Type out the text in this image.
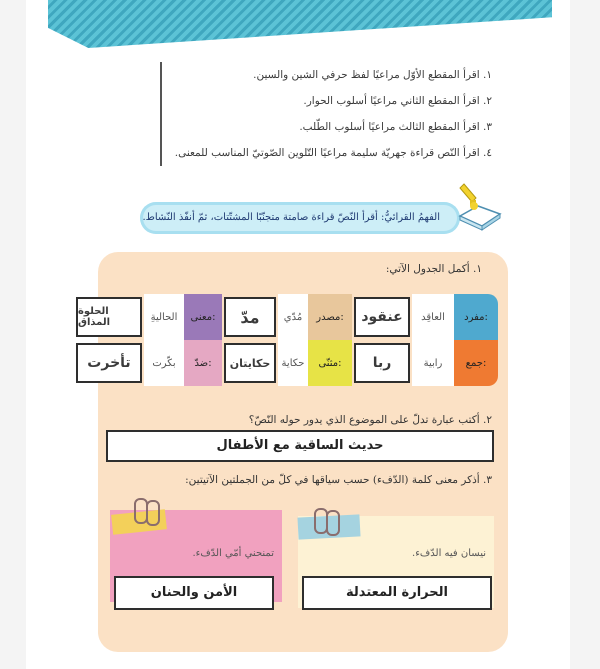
١. اقرأ المقطع الأوّل مراعيًا لفظ حرفي الشين والسين.
٢. اقرأ المقطع الثاني مراعيًا أسلوب الحوار.
٣. اقرأ المقطع الثالث مراعيًا أسلوب الطّلب.
٤. اقرأ النّص قراءة جهريّة سليمة مراعيًا التّلوين الصّوتيّ المناسب للمعنى.
الفهمُ القرائيُّ: أقرأ النّصّ قراءة صامتة متجنّبًا المشتّتات، ثمّ أنفّذ النّشاط.
١. أكمل الجدول الآتي:
مفرد:
العاقِد
عنقود
مصدر:
مُدّي
مدّ
معنى:
الحاليةِ
الحلوة المذاق
جمع:
رابية
ربا
مثنّى:
حكاية
حكايتان
ضدّ:
بكّرت
تأخرت
٢. أكتب عبارة تدلّ على الموضوع الذي يدور حوله النّصّ؟
حديث الساقية مع الأطفال
٣. أذكر معنى كلمة (الدّفء) حسب سياقها في كلّ من الجملتين الآتيتين:
تمنحني أمّي الدّفء.
الأمن والحنان
نيسان فيه الدّفء.
الحرارة المعتدلة
